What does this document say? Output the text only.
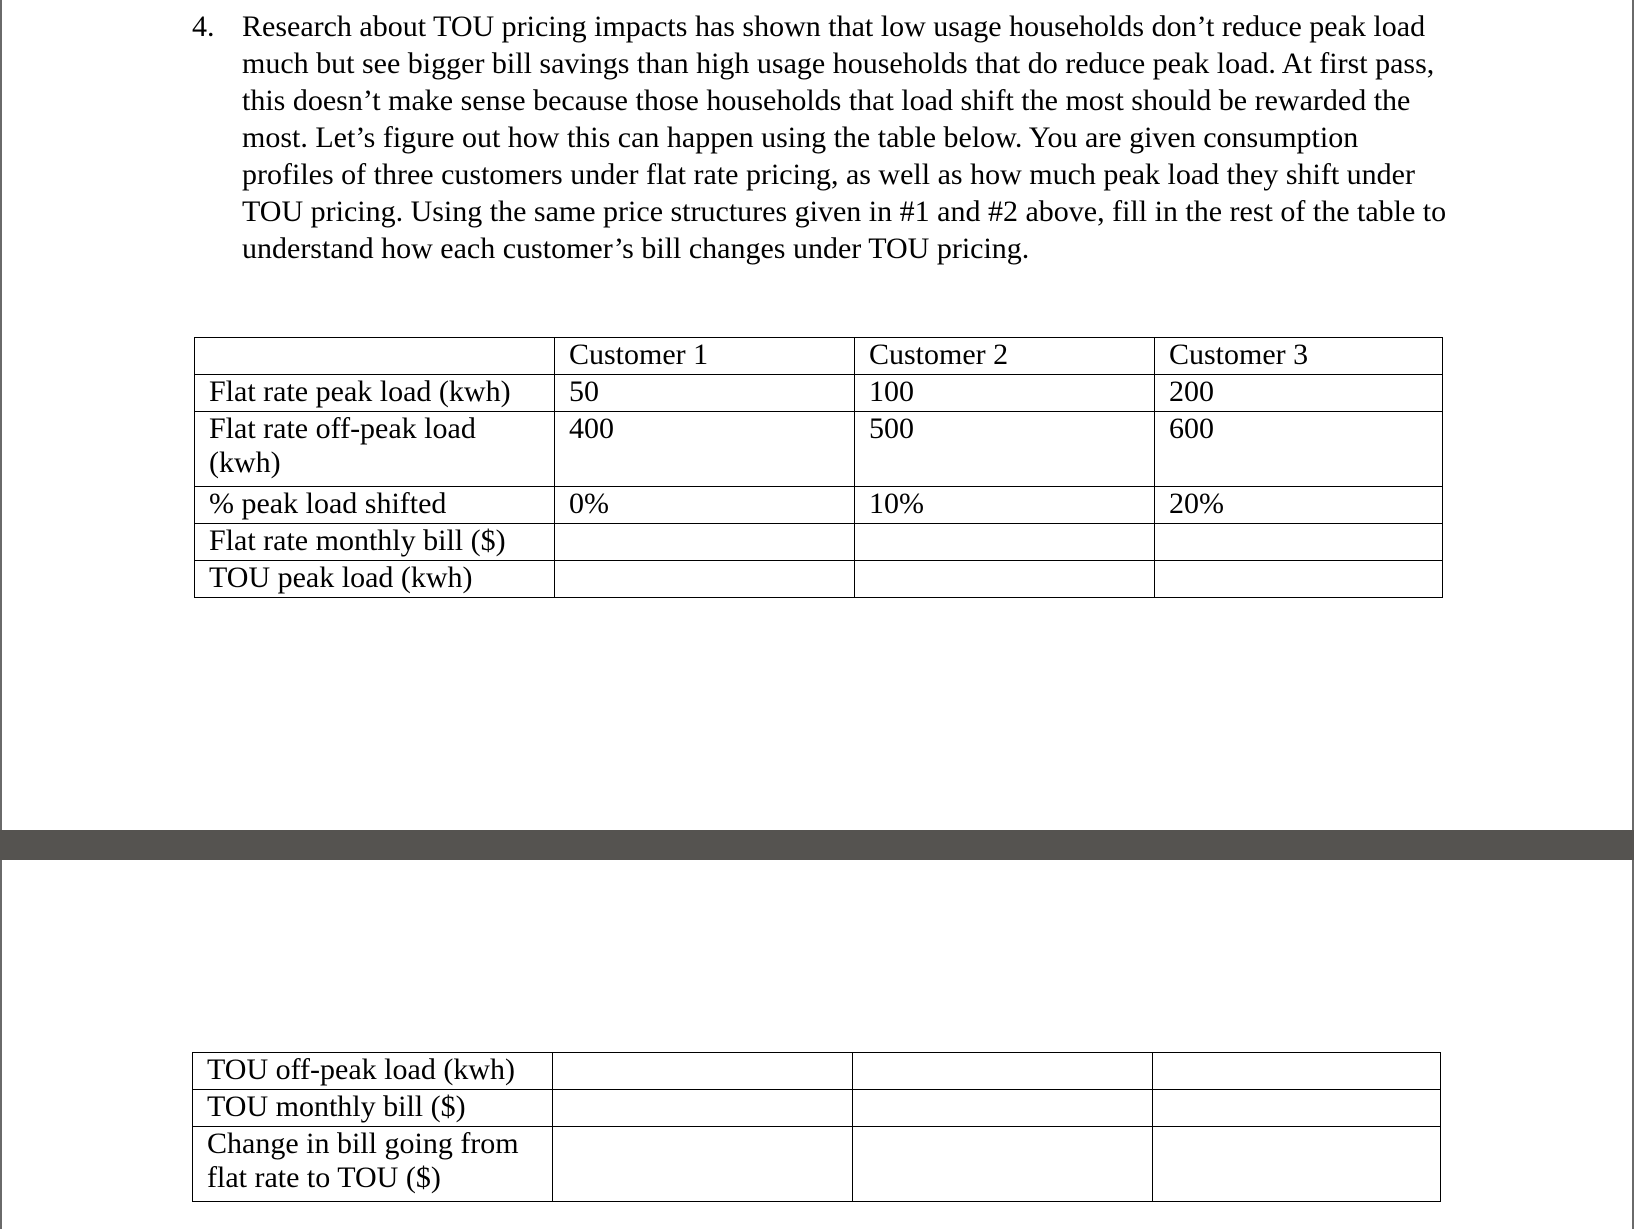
4. Research about TOU pricing impacts has shown that low usage households don’t reduce peak load much but see bigger bill savings than high usage households that do reduce peak load. At first pass, this doesn’t make sense because those households that load shift the most should be rewarded the most. Let’s figure out how this can happen using the table below. You are given consumption profiles of three customers under flat rate pricing, as well as how much peak load they shift under TOU pricing. Using the same price structures given in #1 and #2 above, fill in the rest of the table to understand how each customer’s bill changes under TOU pricing.
	Customer 1	Customer 2	Customer 3
Flat rate peak load (kwh)	50	100	200
Flat rate off-peak load (kwh)	400	500	600
% peak load shifted	0%	10%	20%
Flat rate monthly bill ($)			
TOU peak load (kwh)			
TOU off-peak load (kwh)			
TOU monthly bill ($)			
Change in bill going from flat rate to TOU ($)			
